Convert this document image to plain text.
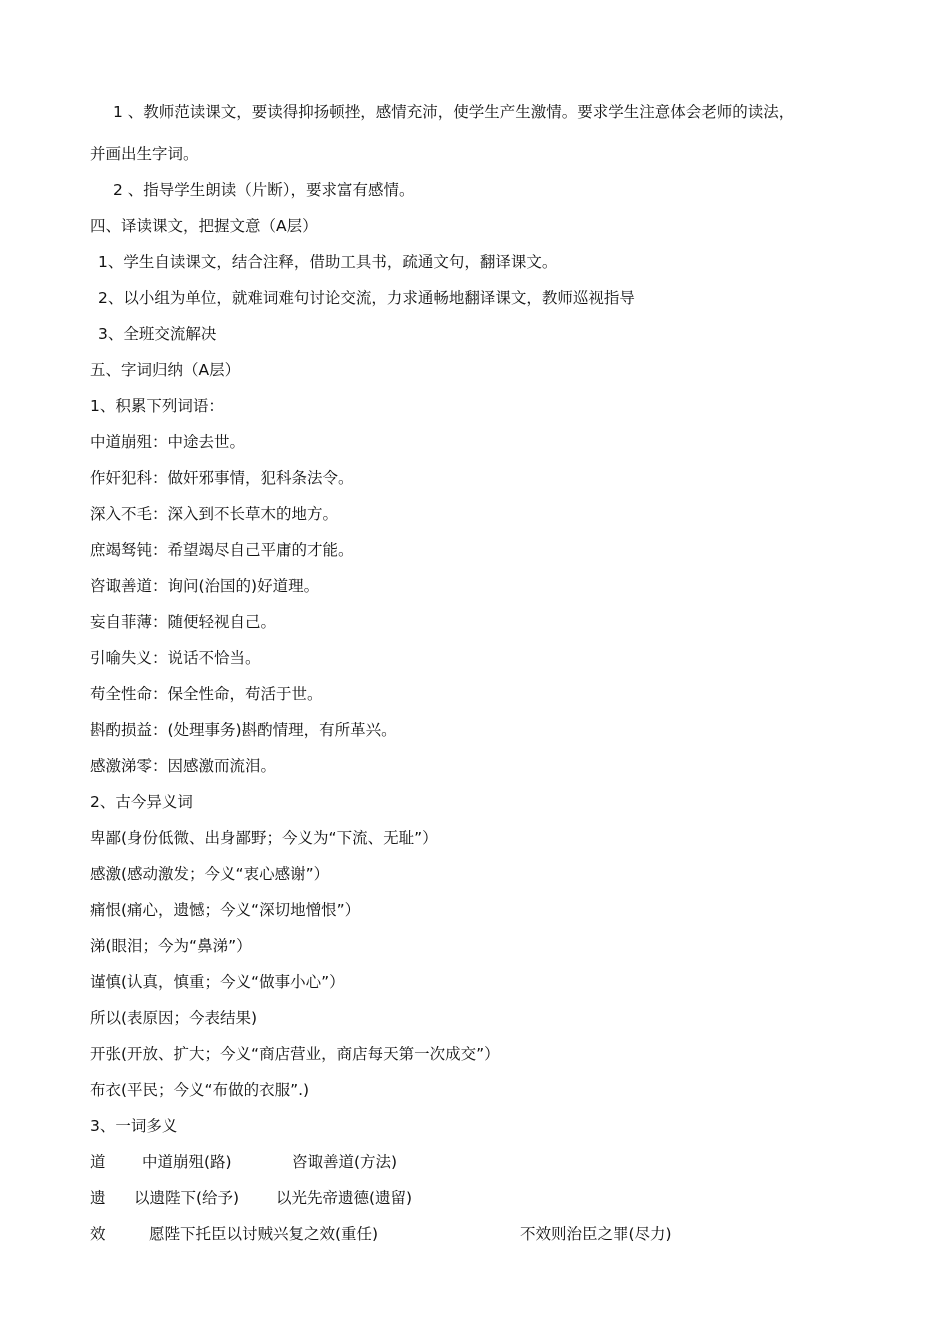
1 、教师范读课文，要读得抑扬顿挫，感情充沛，使学生产生激情。要求学生注意体会老师的读法，
并画出生字词。
2 、指导学生朗读（片断），要求富有感情。
四、译读课文，把握文意（A层）
1、学生自读课文，结合注释，借助工具书，疏通文句，翻译课文。
2、以小组为单位，就难词难句讨论交流，力求通畅地翻译课文，教师巡视指导
3、全班交流解决
五、字词归纳（A层）
1、积累下列词语：
中道崩殂：中途去世。
作奸犯科：做奸邪事情，犯科条法令。
深入不毛：深入到不长草木的地方。
庶竭驽钝：希望竭尽自己平庸的才能。
咨诹善道：询问(治国的)好道理。
妄自菲薄：随便轻视自己。
引喻失义：说话不恰当。
苟全性命：保全性命，苟活于世。
斟酌损益：(处理事务)斟酌情理，有所革兴。
感激涕零：因感激而流泪。
2、古今异义词
卑鄙(身份低微、出身鄙野；今义为“下流、无耻”）
感激(感动激发；今义“衷心感谢”）
痛恨(痛心，遗憾；今义“深切地憎恨”）
涕(眼泪；今为“鼻涕”）
谨慎(认真，慎重；今义“做事小心”）
所以(表原因；今表结果)
开张(开放、扩大；今义“商店营业，商店每天第一次成交”）
布衣(平民；今义“布做的衣服”.)
3、一词多义
道 中道崩殂(路)	咨诹善道(方法)
遗 以遗陛下(给予) 以光先帝遗德(遗留)
效	愿陛下托臣以讨贼兴复之效(重任)	不效则治臣之罪(尽力)
